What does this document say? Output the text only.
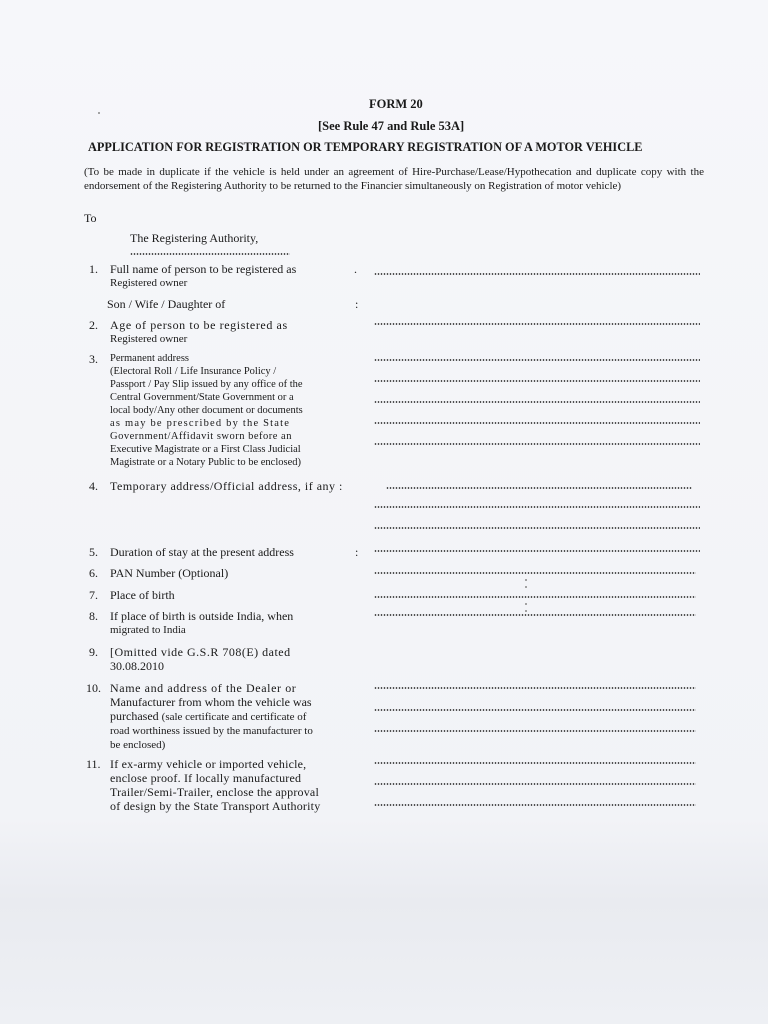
FORM 20
[See Rule 47 and Rule 53A]
APPLICATION FOR REGISTRATION OR TEMPORARY REGISTRATION OF A MOTOR VEHICLE
(To be made in duplicate if the vehicle is held under an agreement of Hire-Purchase/Lease/Hypothecation and duplicate copy with the endorsement of the Registering Authority to be returned to the Financier simultaneously on Registration of motor vehicle)
To
The Registering Authority,
1. Full name of person to be registered as
Registered owner
.
Son / Wife / Daughter of	:
2. Age of person to be registered as
Registered owner
3. Permanent address
(Electoral Roll / Life Insurance Policy /
Passport / Pay Slip issued by any office of the
Central Government/State Government or a
local body/Any other document or documents
as may be prescribed by the State
Government/Affidavit sworn before an
Executive Magistrate or a First Class Judicial
Magistrate or a Notary Public to be enclosed)
4. Temporary address/Official address, if any :
5. Duration of stay at the present address	:
6. PAN Number (Optional)
7. Place of birth
8. If place of birth is outside India, when
migrated to India
9. [Omitted vide G.S.R 708(E) dated
30.08.2010
10. Name and address of the Dealer or
Manufacturer from whom the vehicle was
purchased (sale certificate and certificate of
road worthiness issued by the manufacturer to
be enclosed)
11. If ex-army vehicle or imported vehicle,
enclose proof. If locally manufactured
Trailer/Semi-Trailer, enclose the approval
of design by the State Transport Authority
